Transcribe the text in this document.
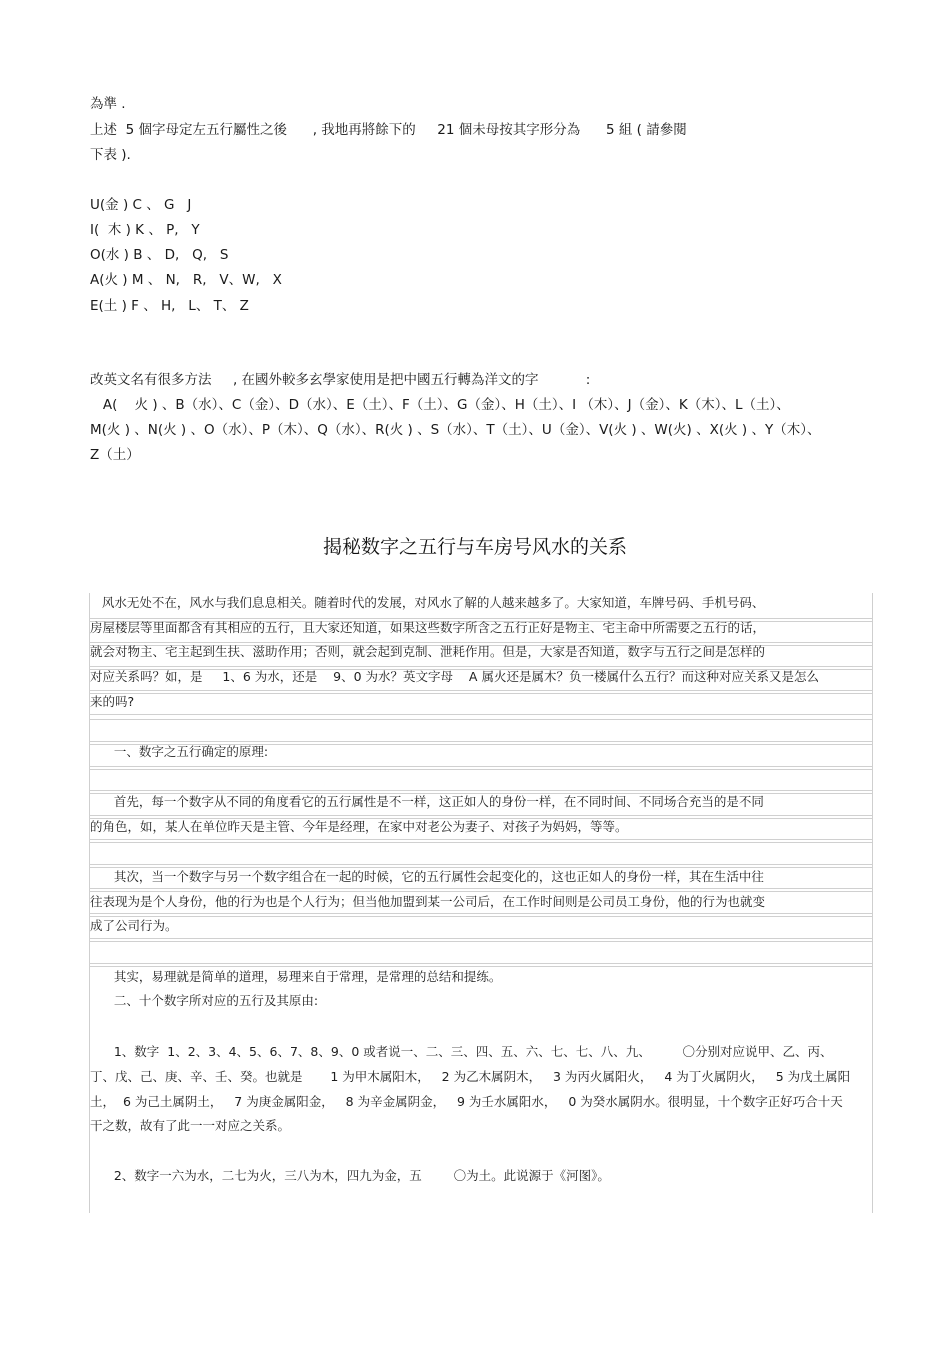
為準 .
上述  5 個字母定左五行屬性之後      , 我地再將餘下的     21 個未母按其字形分為      5 組 ( 請參閱
下表 ).
U(金 ) C 、 G   J
I(  木 ) K 、 P,   Y
O(水 ) B 、 D,   Q,   S
A(火 ) M 、 N,   R,   V、W,   X
E(土 ) F 、 H,   L、 T、 Z
改英文名有很多方法     , 在國外較多玄學家使用是把中國五行轉為洋文的字           :
A(    火 ) 、B（水）、C（金）、D（水）、E（土）、F（土）、G（金）、H（土）、I （木）、J（金）、K（木）、L（土）、
M(火 ) 、N(火 ) 、O（水）、P（木）、Q（水）、R(火 ) 、S（水）、T（土）、U（金）、V(火 ) 、W(火) 、X(火 ) 、Y（木）、
Z（土）
揭秘数字之五行与车房号风水的关系
风水无处不在，风水与我们息息相关。随着时代的发展，对风水了解的人越来越多了。大家知道，车牌号码、手机号码、
房屋楼层等里面都含有其相应的五行，且大家还知道，如果这些数字所含之五行正好是物主、宅主命中所需要之五行的话，
就会对物主、宅主起到生扶、滋助作用；否则，就会起到克制、泄耗作用。但是，大家是否知道，数字与五行之间是怎样的
对应关系吗？如，是     1、6 为水，还是    9、0 为水？英文字母    A 属火还是属木？负一楼属什么五行？而这种对应关系又是怎么
来的吗?
一、数字之五行确定的原理:
首先，每一个数字从不同的角度看它的五行属性是不一样，这正如人的身份一样，在不同时间、不同场合充当的是不同
的角色，如，某人在单位昨天是主管、今年是经理，在家中对老公为妻子、对孩子为妈妈，等等。
其次，当一个数字与另一个数字组合在一起的时候，它的五行属性会起变化的，这也正如人的身份一样，其在生活中往
往表现为是个人身份，他的行为也是个人行为；但当他加盟到某一公司后，在工作时间则是公司员工身份，他的行为也就变
成了公司行为。
其实，易理就是简单的道理，易理来自于常理，是常理的总结和提练。
二、十个数字所对应的五行及其原由:
1、数字  1、2、3、4、5、6、7、8、9、0 或者说一、二、三、四、五、六、七、七、八、九、        〇分别对应说甲、乙、丙、
丁、戊、己、庚、辛、壬、癸。也就是       1 为甲木属阳木，   2 为乙木属阴木，   3 为丙火属阳火，   4 为丁火属阴火，   5 为戊土属阳
土，  6 为己土属阴土，   7 为庚金属阳金，   8 为辛金属阴金，   9 为壬水属阳水，   0 为癸水属阴水。很明显，十个数字正好巧合十天
干之数，故有了此一一对应之关系。
2、数字一六为水，二七为火，三八为木，四九为金，五        〇为土。此说源于《河图》。
